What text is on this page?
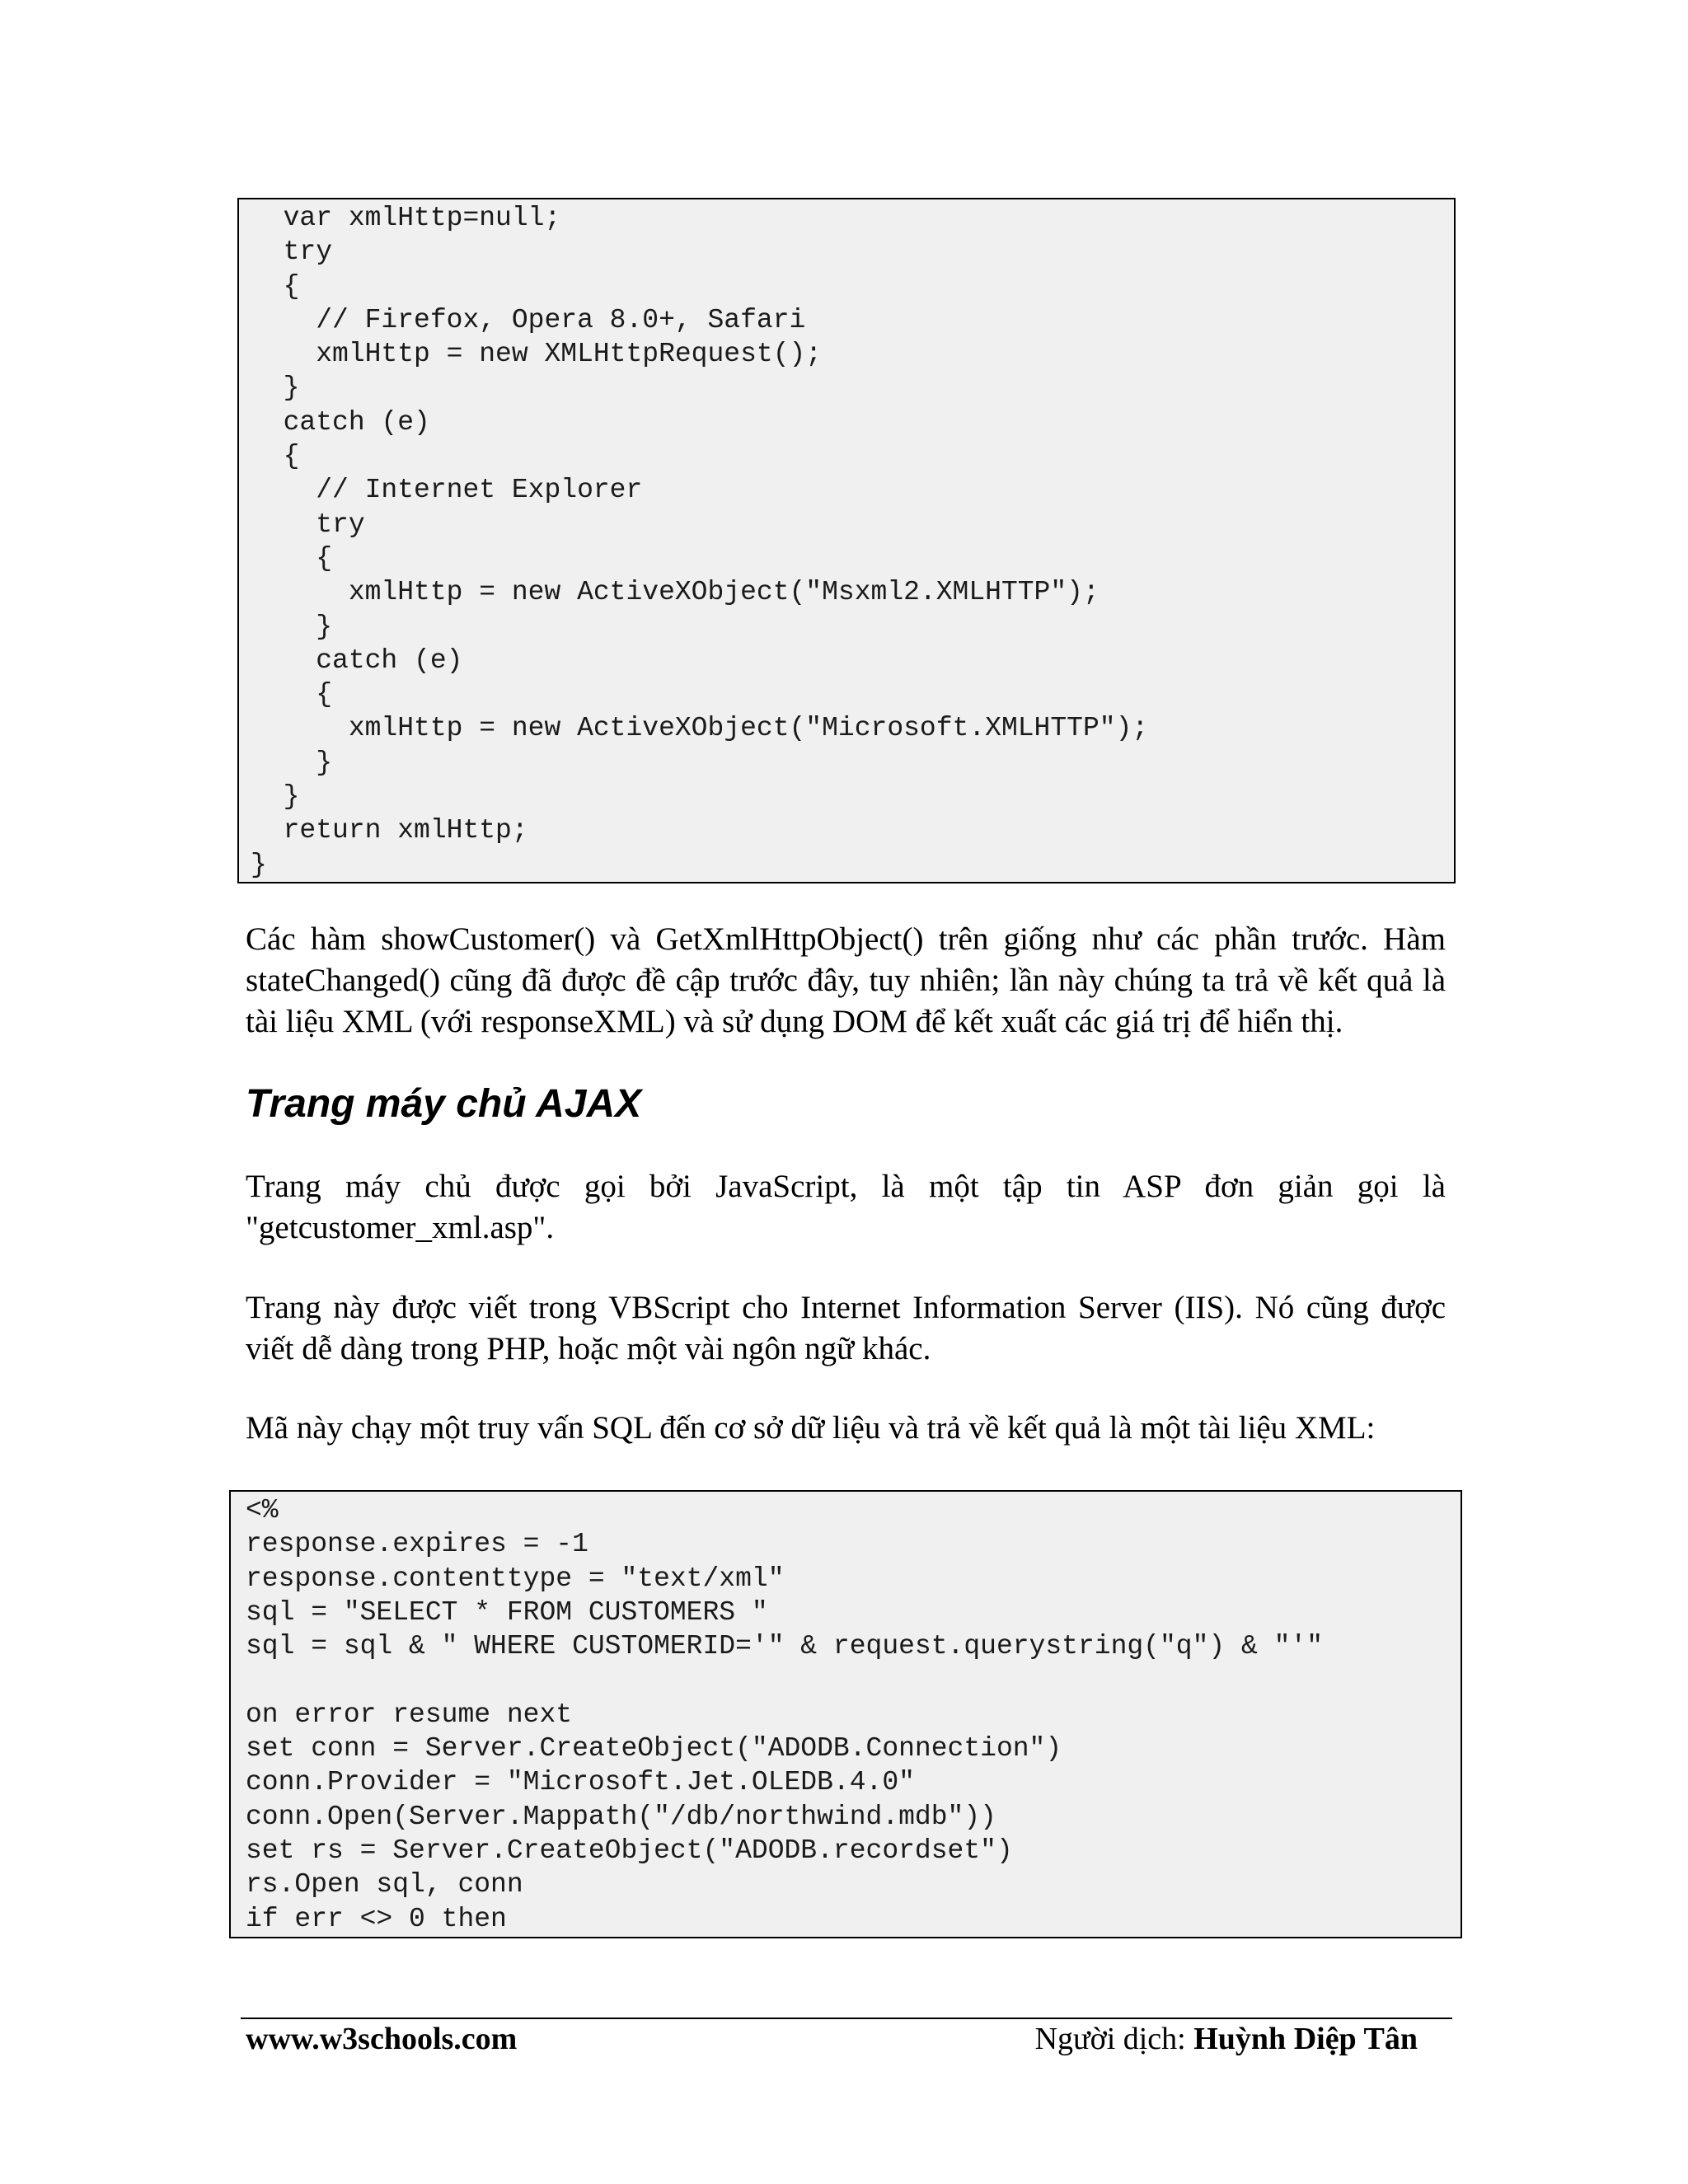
var xmlHttp=null;
try
{
// Firefox, Opera 8.0+, Safari
xmlHttp = new XMLHttpRequest();
}
catch (e)
{
// Internet Explorer
try
{
xmlHttp = new ActiveXObject("Msxml2.XMLHTTP");
}
catch (e)
{
xmlHttp = new ActiveXObject("Microsoft.XMLHTTP");
}
}
return xmlHttp;
}

Các hàm showCustomer() và GetXmlHttpObject() trên giống như các phần trước. Hàm stateChanged() cũng đã được đề cập trước đây, tuy nhiên; lần này chúng ta trả về kết quả là tài liệu XML (với responseXML) và sử dụng DOM để kết xuất các giá trị để hiển thị.

Trang máy chủ AJAX

Trang máy chủ được gọi bởi JavaScript, là một tập tin ASP đơn giản gọi là "getcustomer_xml.asp".

Trang này được viết trong VBScript cho Internet Information Server (IIS). Nó cũng được viết dễ dàng trong PHP, hoặc một vài ngôn ngữ khác.

Mã này chạy một truy vấn SQL đến cơ sở dữ liệu và trả về kết quả là một tài liệu XML:

<%
response.expires = -1
response.contenttype = "text/xml"
sql = "SELECT * FROM CUSTOMERS "
sql = sql & " WHERE CUSTOMERID='" & request.querystring("q") & "'"

on error resume next
set conn = Server.CreateObject("ADODB.Connection")
conn.Provider = "Microsoft.Jet.OLEDB.4.0"
conn.Open(Server.Mappath("/db/northwind.mdb"))
set rs = Server.CreateObject("ADODB.recordset")
rs.Open sql, conn
if err <> 0 then
www.w3schools.com	Người dịch: Huỳnh Diệp Tân
